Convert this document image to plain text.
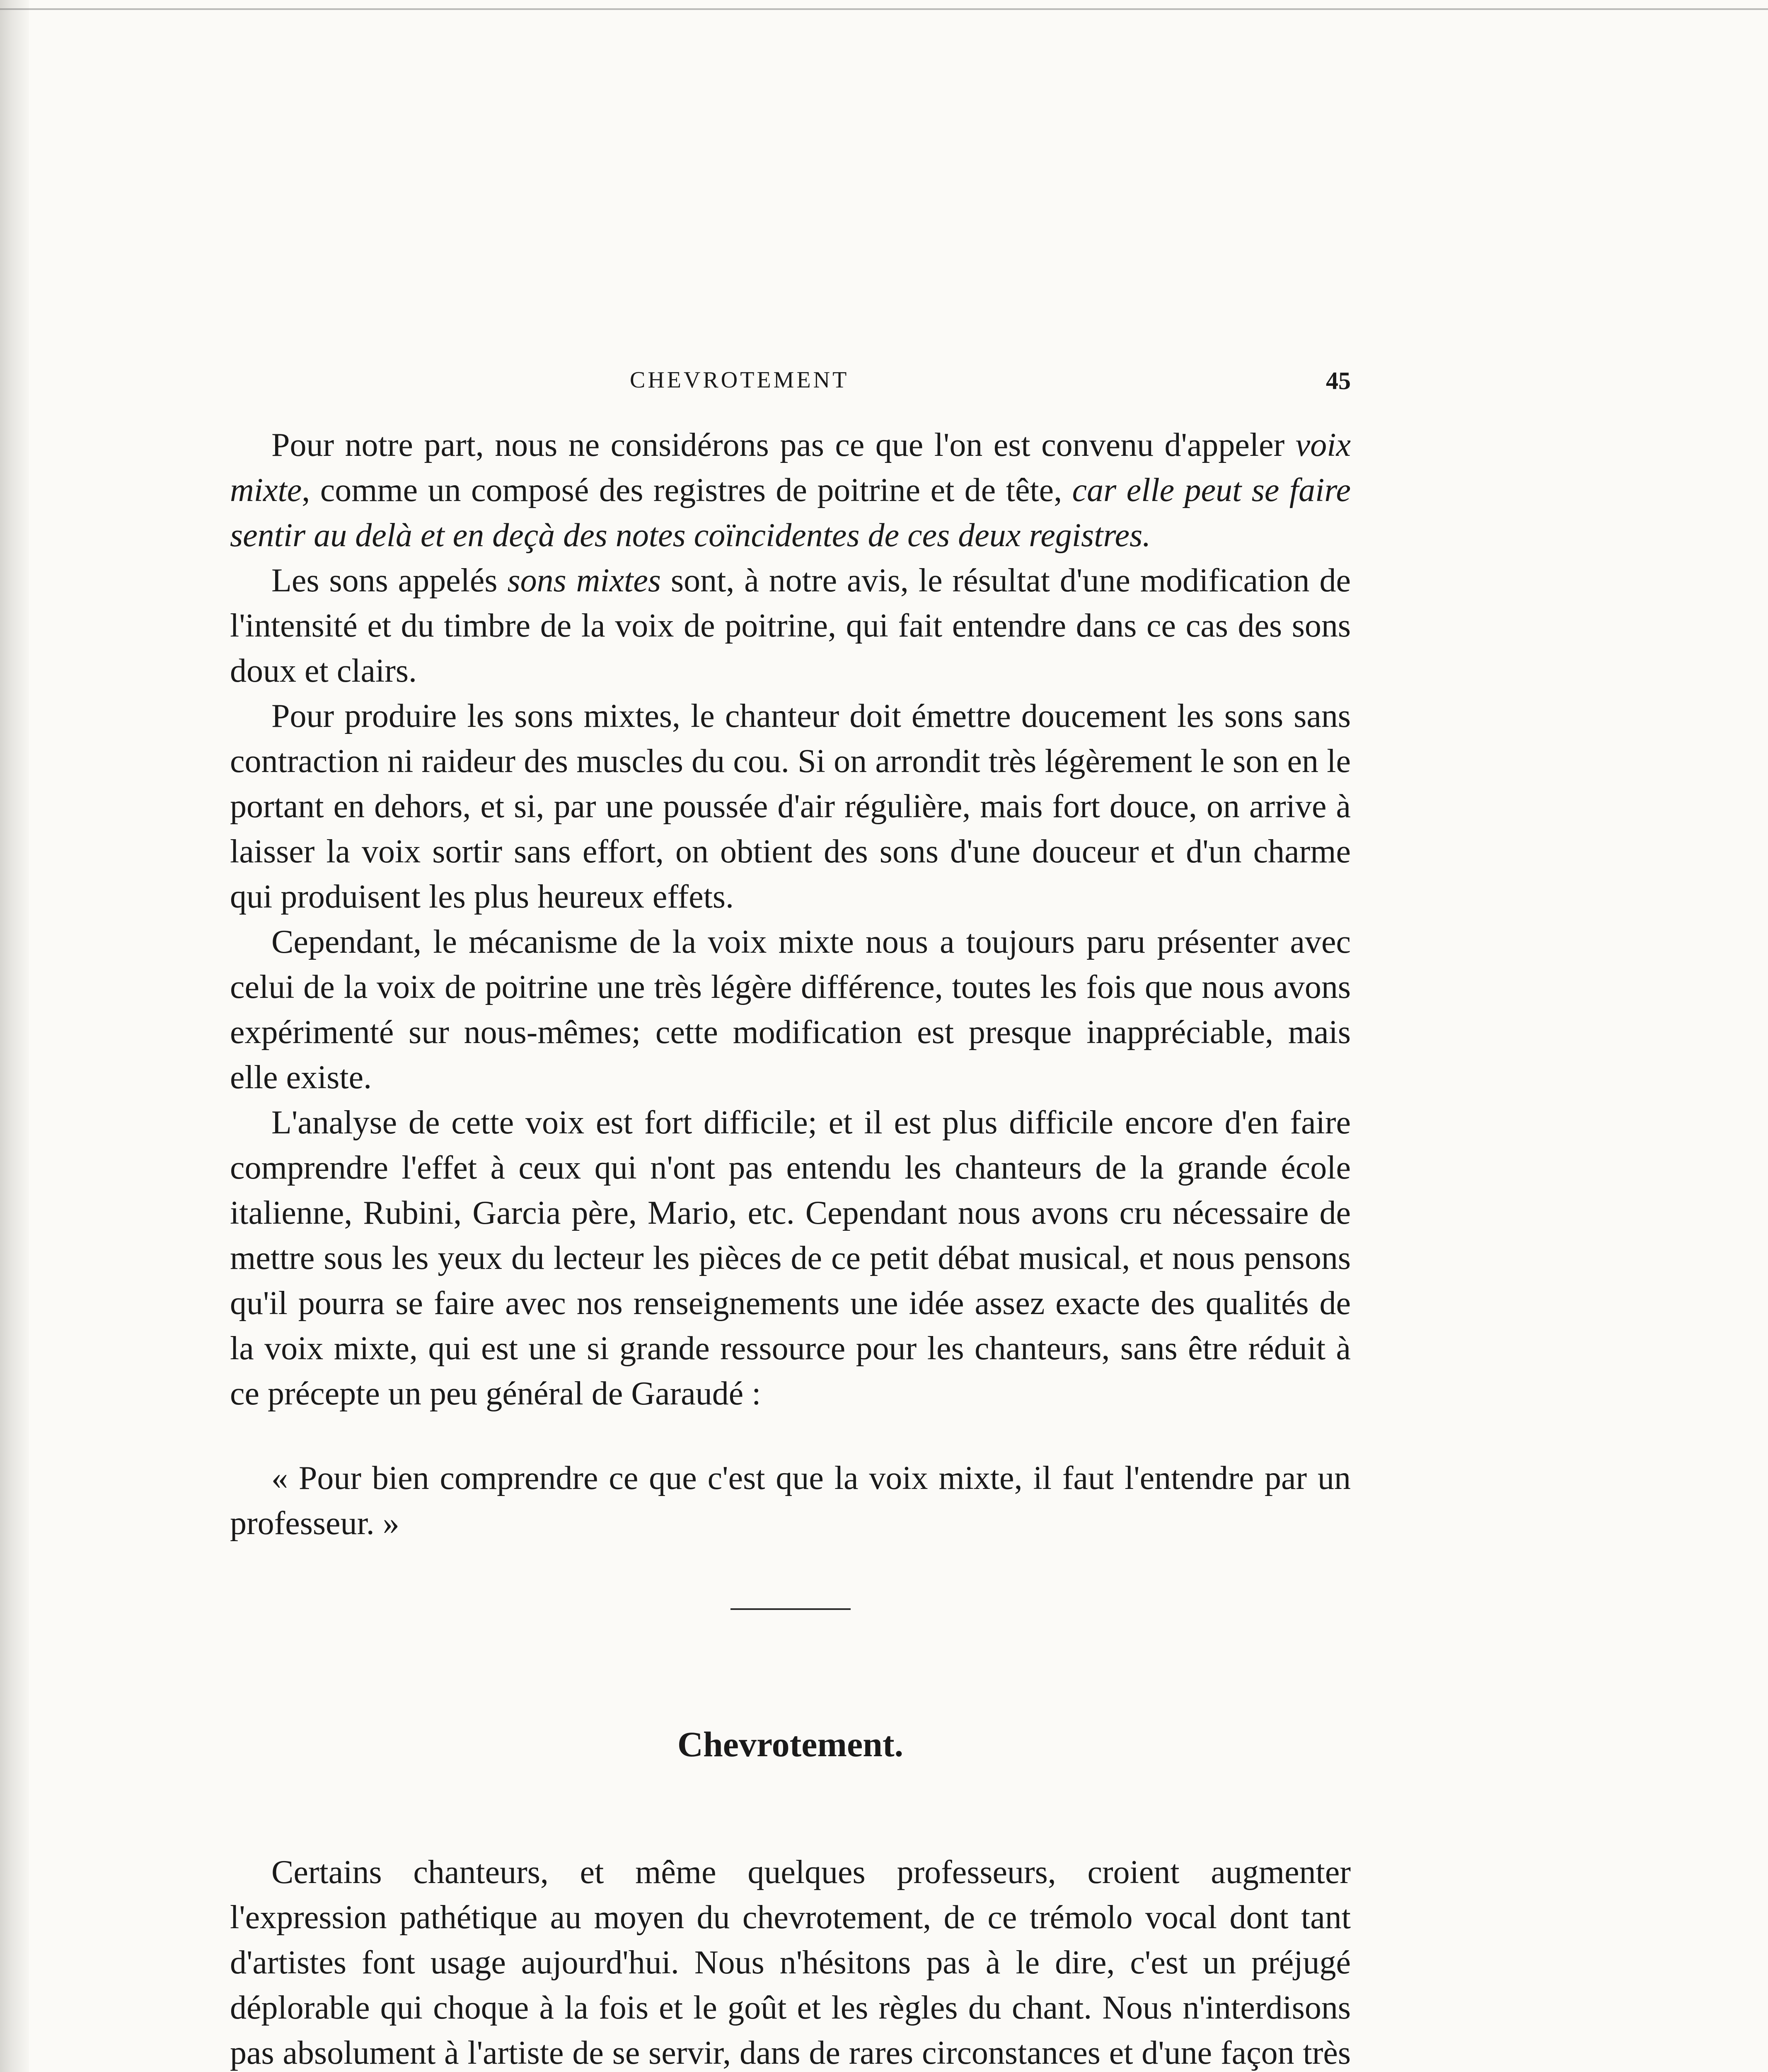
CHEVROTEMENT	45

Pour notre part, nous ne considérons pas ce que l'on est convenu d'appeler voix mixte, comme un composé des registres de poitrine et de tête, car elle peut se faire sentir au delà et en deçà des notes coïncidentes de ces deux registres.

Les sons appelés sons mixtes sont, à notre avis, le résultat d'une modification de l'intensité et du timbre de la voix de poitrine, qui fait entendre dans ce cas des sons doux et clairs.

Pour produire les sons mixtes, le chanteur doit émettre doucement les sons sans contraction ni raideur des muscles du cou. Si on arrondit très légèrement le son en le portant en dehors, et si, par une poussée d'air régulière, mais fort douce, on arrive à laisser la voix sortir sans effort, on obtient des sons d'une douceur et d'un charme qui produisent les plus heureux effets.

Cependant, le mécanisme de la voix mixte nous a toujours paru présenter avec celui de la voix de poitrine une très légère différence, toutes les fois que nous avons expérimenté sur nous-mêmes; cette modification est presque inappréciable, mais elle existe.

L'analyse de cette voix est fort difficile; et il est plus difficile encore d'en faire comprendre l'effet à ceux qui n'ont pas entendu les chanteurs de la grande école italienne, Rubini, Garcia père, Mario, etc. Cependant nous avons cru nécessaire de mettre sous les yeux du lecteur les pièces de ce petit débat musical, et nous pensons qu'il pourra se faire avec nos renseignements une idée assez exacte des qualités de la voix mixte, qui est une si grande ressource pour les chanteurs, sans être réduit à ce précepte un peu général de Garaudé :

« Pour bien comprendre ce que c'est que la voix mixte, il faut l'entendre par un professeur. »

Chevrotement.

Certains chanteurs, et même quelques professeurs, croient augmenter l'expression pathétique au moyen du chevrotement, de ce trémolo vocal dont tant d'artistes font usage aujourd'hui. Nous n'hésitons pas à le dire, c'est un préjugé déplorable qui choque à la fois et le goût et les règles du chant. Nous n'interdisons pas absolument à l'artiste de se servir, dans de rares circonstances et d'une façon très
